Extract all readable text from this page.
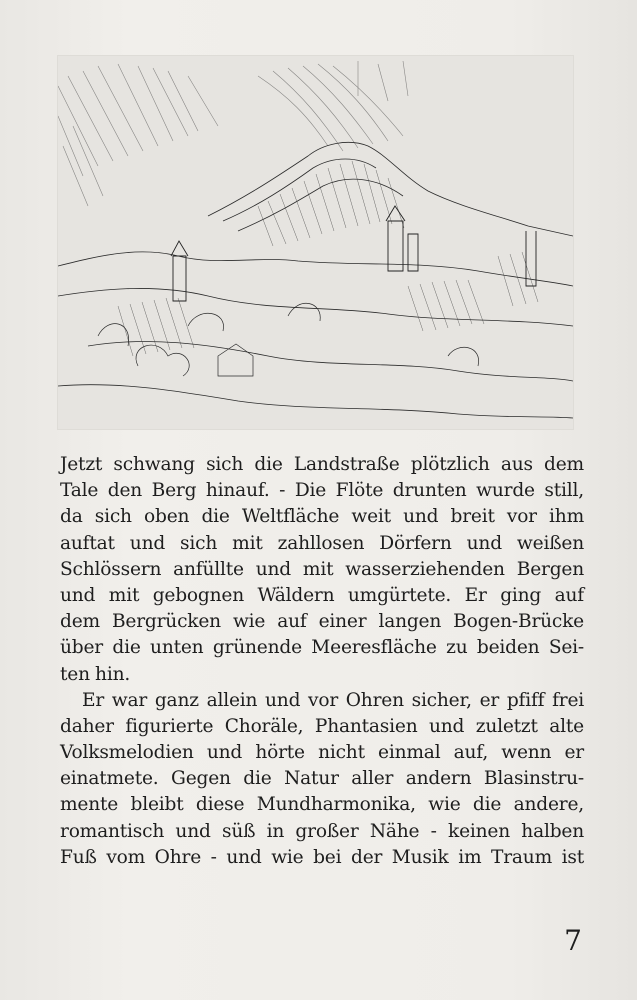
Jetzt schwang sich die Landstraße plötzlich aus dem
Tale den Berg hinauf. - Die Flöte drunten wurde still,
da sich oben die Weltfläche weit und breit vor ihm
auftat und sich mit zahllosen Dörfern und weißen
Schlössern anfüllte und mit wasserziehenden Bergen
und mit gebognen Wäldern umgürtete. Er ging auf
dem Bergrücken wie auf einer langen Bogen-Brücke
über die unten grünende Meeresfläche zu beiden Sei-
ten hin.
Er war ganz allein und vor Ohren sicher, er pfiff frei
daher figurierte Choräle, Phantasien und zuletzt alte
Volksmelodien und hörte nicht einmal auf, wenn er
einatmete. Gegen die Natur aller andern Blasinstru-
mente bleibt diese Mundharmonika, wie die andere,
romantisch und süß in großer Nähe - keinen halben
Fuß vom Ohre - und wie bei der Musik im Traum ist
7
